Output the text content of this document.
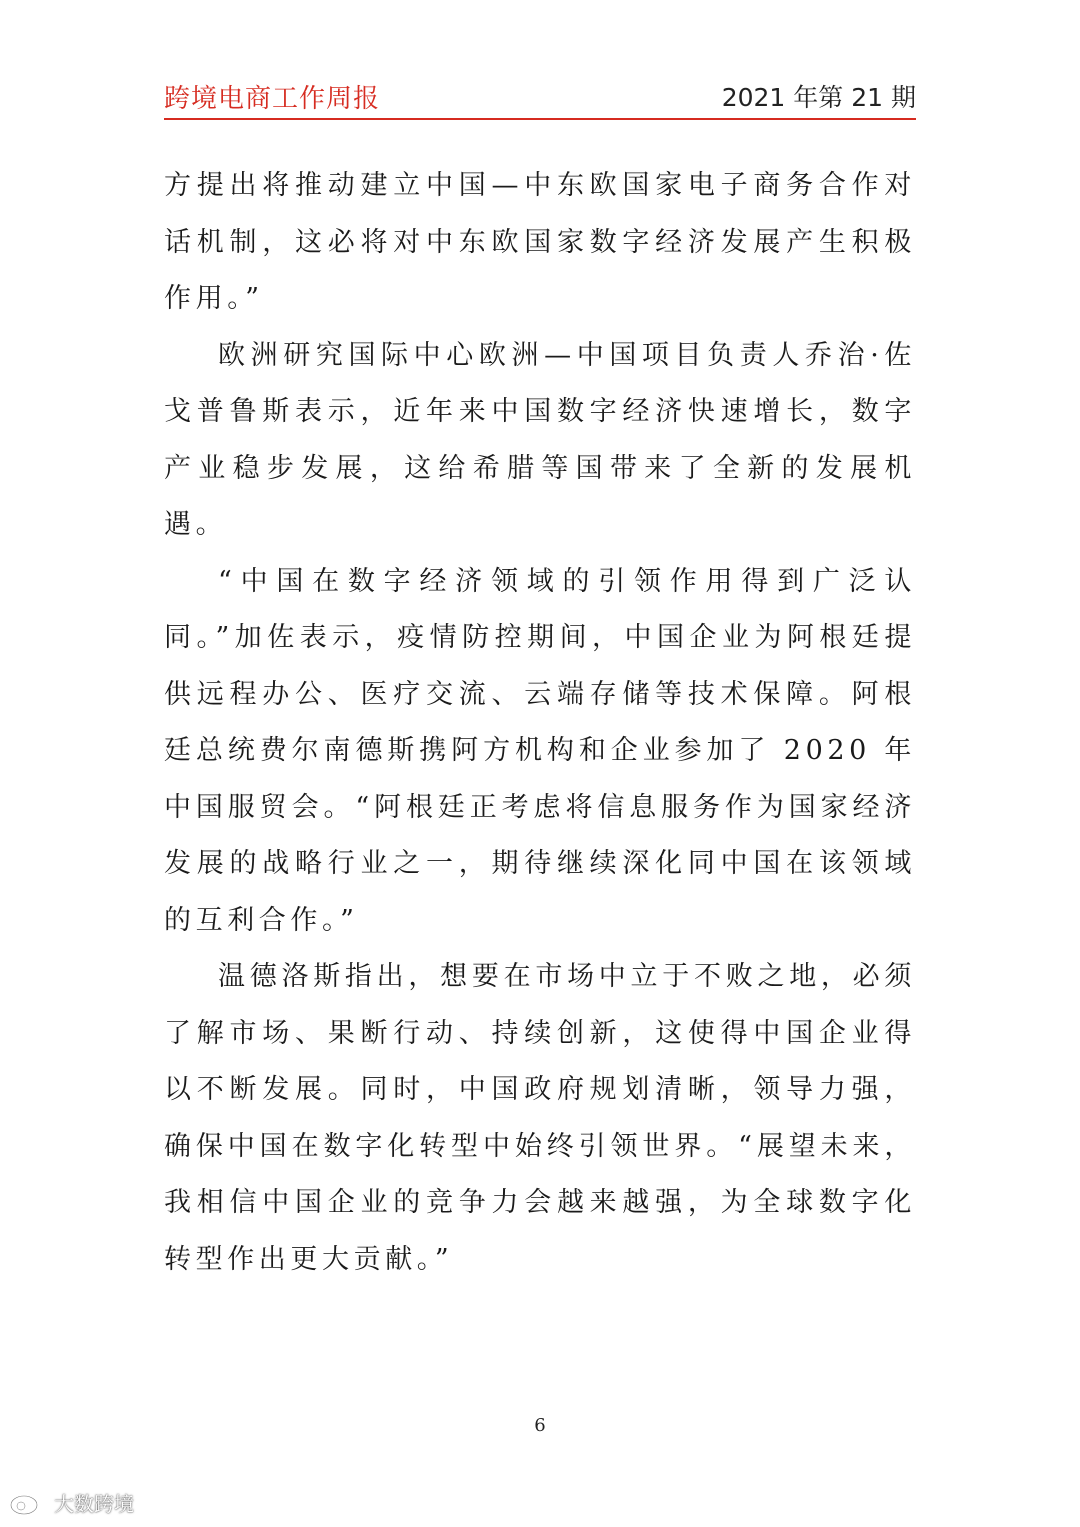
跨境电商工作周报	2021 年第 21 期

方提出将推动建立中国—中东欧国家电子商务合作对话机制，这必将对中东欧国家数字经济发展产生积极作用。”

欧洲研究国际中心欧洲—中国项目负责人乔治·佐戈普鲁斯表示，近年来中国数字经济快速增长，数字产业稳步发展，这给希腊等国带来了全新的发展机遇。

“中国在数字经济领域的引领作用得到广泛认同。”加佐表示，疫情防控期间，中国企业为阿根廷提供远程办公、医疗交流、云端存储等技术保障。阿根廷总统费尔南德斯携阿方机构和企业参加了 2020 年中国服贸会。“阿根廷正考虑将信息服务作为国家经济发展的战略行业之一，期待继续深化同中国在该领域的互利合作。”

温德洛斯指出，想要在市场中立于不败之地，必须了解市场、果断行动、持续创新，这使得中国企业得以不断发展。同时，中国政府规划清晰，领导力强，确保中国在数字化转型中始终引领世界。“展望未来，我相信中国企业的竞争力会越来越强，为全球数字化转型作出更大贡献。”

6
大数跨境
